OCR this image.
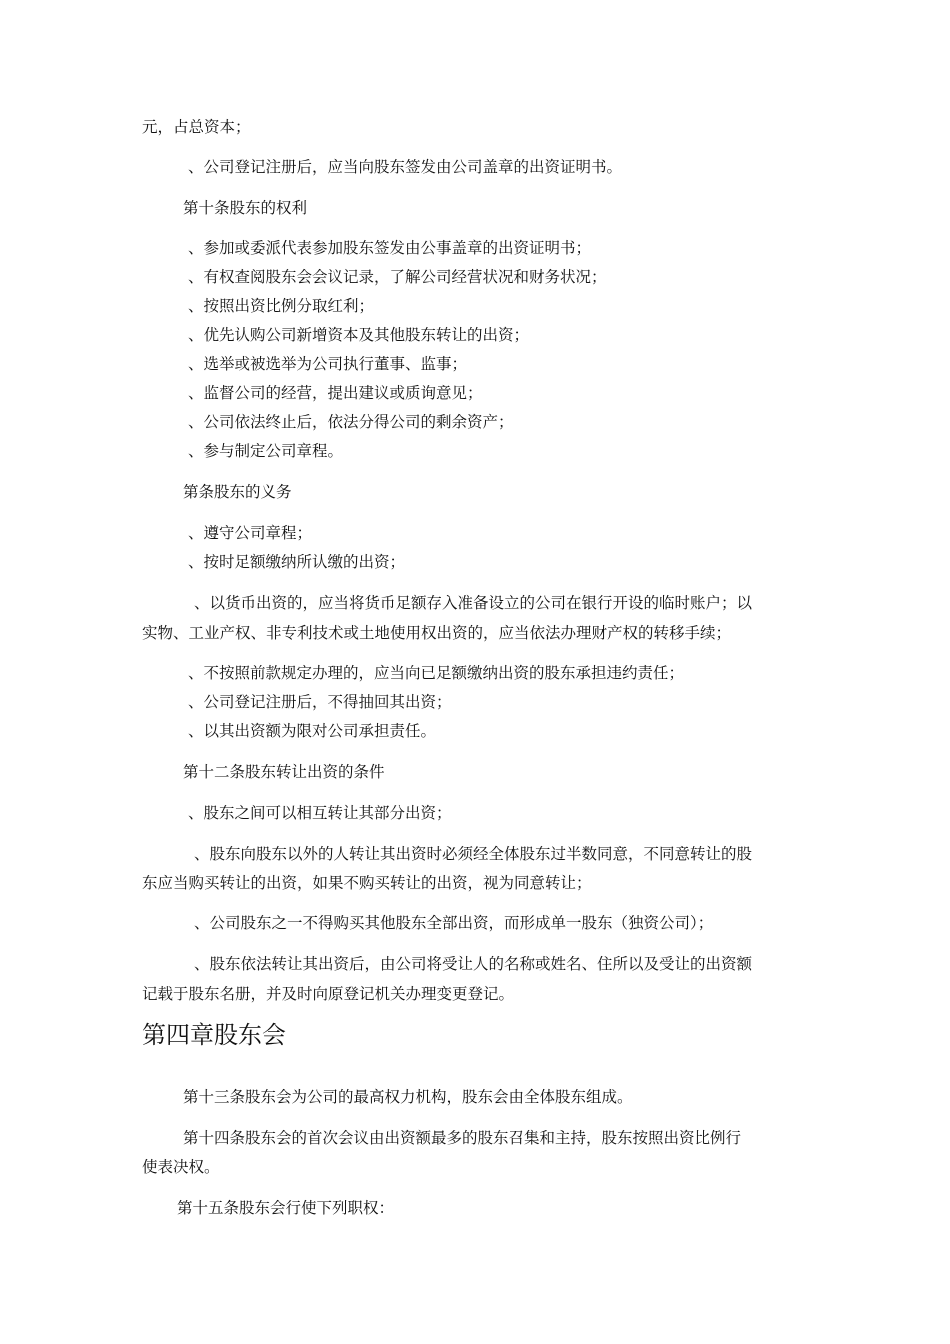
元，占总资本；
、公司登记注册后，应当向股东签发由公司盖章的出资证明书。
第十条股东的权利
、参加或委派代表参加股东签发由公事盖章的出资证明书；
、有权查阅股东会会议记录，了解公司经营状况和财务状况；
、按照出资比例分取红利；
、优先认购公司新增资本及其他股东转让的出资；
、选举或被选举为公司执行董事、监事；
、监督公司的经营，提出建议或质询意见；
、公司依法终止后，依法分得公司的剩余资产；
、参与制定公司章程。
第条股东的义务
、遵守公司章程；
、按时足额缴纳所认缴的出资；
、以货币出资的，应当将货币足额存入准备设立的公司在银行开设的临时账户；以
实物、工业产权、非专利技术或土地使用权出资的，应当依法办理财产权的转移手续；
、不按照前款规定办理的，应当向已足额缴纳出资的股东承担违约责任；
、公司登记注册后，不得抽回其出资；
、以其出资额为限对公司承担责任。
第十二条股东转让出资的条件
、股东之间可以相互转让其部分出资；
、股东向股东以外的人转让其出资时必须经全体股东过半数同意，不同意转让的股
东应当购买转让的出资，如果不购买转让的出资，视为同意转让；
、公司股东之一不得购买其他股东全部出资，而形成单一股东（独资公司）；
、股东依法转让其出资后，由公司将受让人的名称或姓名、住所以及受让的出资额
记载于股东名册，并及时向原登记机关办理变更登记。
第四章股东会
第十三条股东会为公司的最高权力机构，股东会由全体股东组成。
第十四条股东会的首次会议由出资额最多的股东召集和主持，股东按照出资比例行
使表决权。
第十五条股东会行使下列职权：
